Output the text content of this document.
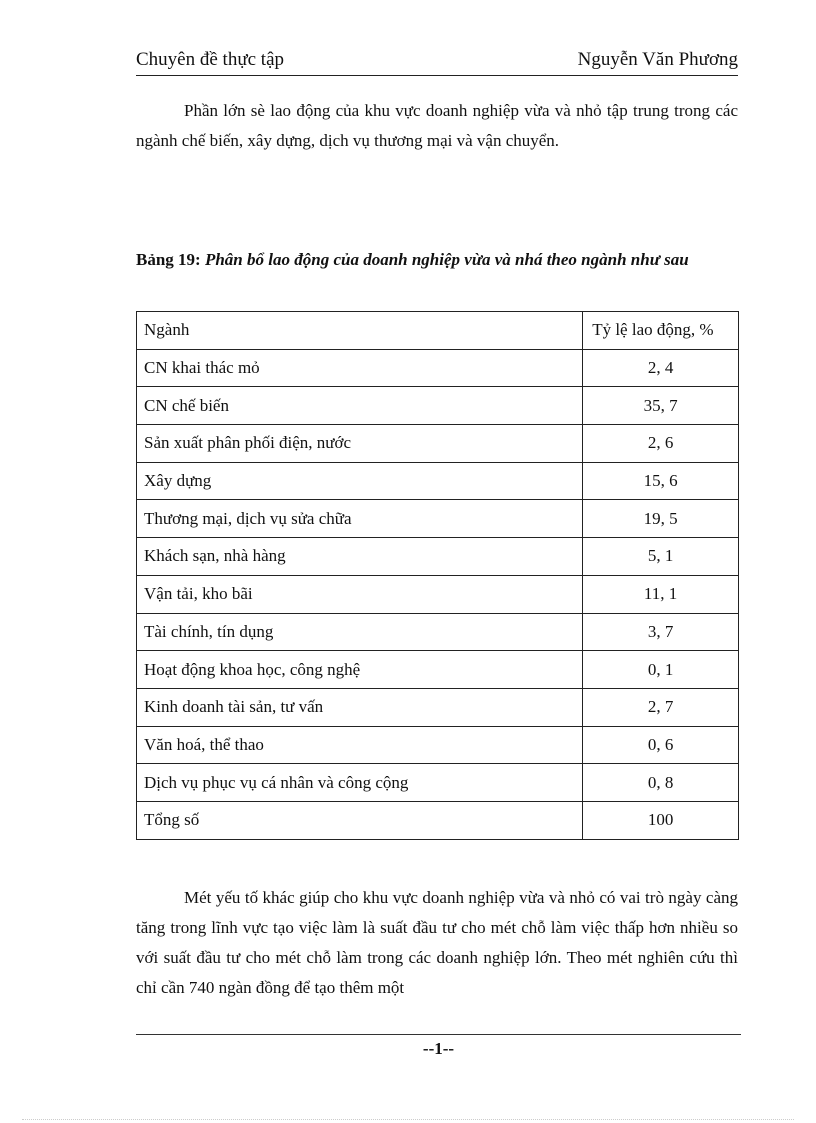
Chuyên đề thực tập	Nguyễn Văn Phương
Phần lớn sè lao động của khu vực doanh nghiệp vừa và nhỏ tập trung trong các ngành chế biến, xây dựng, dịch vụ thương mại và vận chuyển.
Bảng 19: Phân bổ lao động của doanh nghiệp vừa và nhá theo ngành như sau
Ngành	Tỷ lệ lao động, %
CN khai thác mỏ	2, 4
CN chế biến	35, 7
Sản xuất phân phối điện, nước	2, 6
Xây dựng	15, 6
Thương mại, dịch vụ sửa chữa	19, 5
Khách sạn, nhà hàng	5, 1
Vận tải, kho bãi	11, 1
Tài chính, tín dụng	3, 7
Hoạt động khoa học, công nghệ	0, 1
Kinh doanh tài sản, tư vấn	2, 7
Văn hoá, thể thao	0, 6
Dịch vụ phục vụ cá nhân và công cộng	0, 8
Tổng số	100
Mét yếu tố khác giúp cho khu vực doanh nghiệp vừa và nhỏ có vai trò ngày càng tăng trong lĩnh vực tạo việc làm là suất đầu tư cho mét chỗ làm việc thấp hơn nhiều so với suất đầu tư cho mét chỗ làm trong các doanh nghiệp lớn. Theo mét nghiên cứu thì chỉ cần 740 ngàn đồng để tạo thêm một
--1--
